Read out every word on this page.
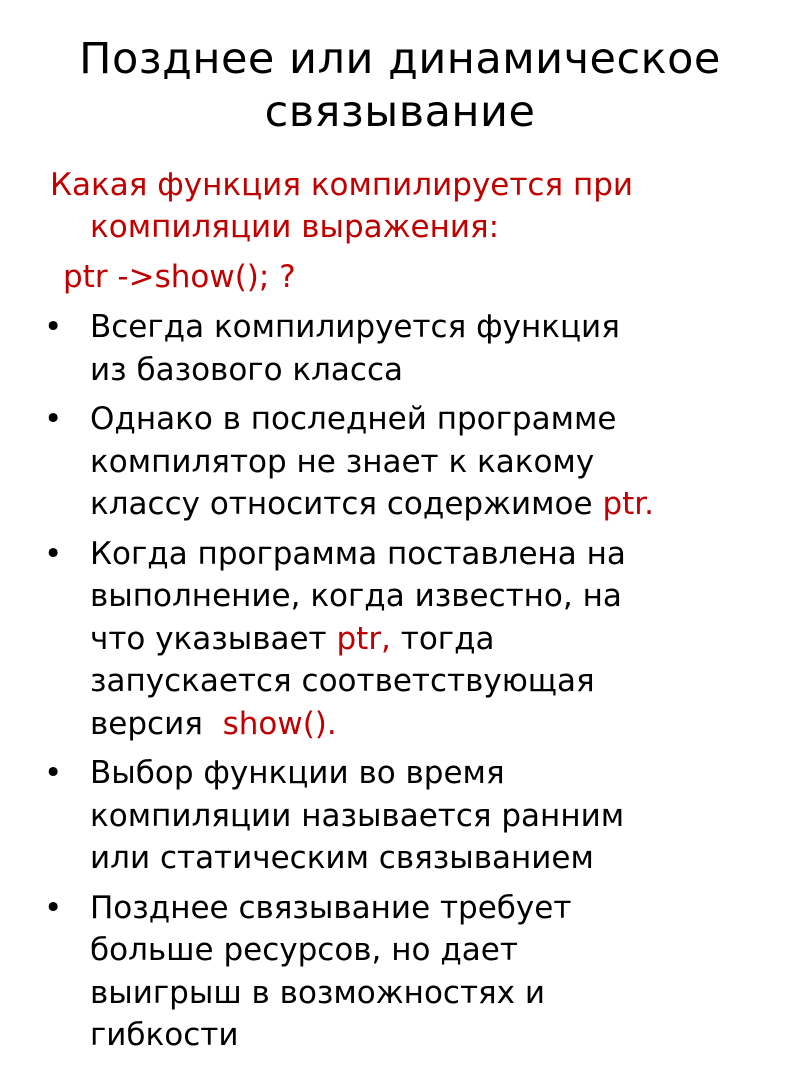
Позднее или динамическое
связывание
Какая функция компилируется при
компиляции выражения:
ptr ->show(); ?
• Всегда компилируется функция
из базового класса
• Однако в последней программе
компилятор не знает к какому
классу относится содержимое ptr.
• Когда программа поставлена на
выполнение, когда известно, на
что указывает ptr, тогда
запускается соответствующая
версия  show().
• Выбор функции во время
компиляции называется ранним
или статическим связыванием
• Позднее связывание требует
больше ресурсов, но дает
выигрыш в возможностях и
гибкости
